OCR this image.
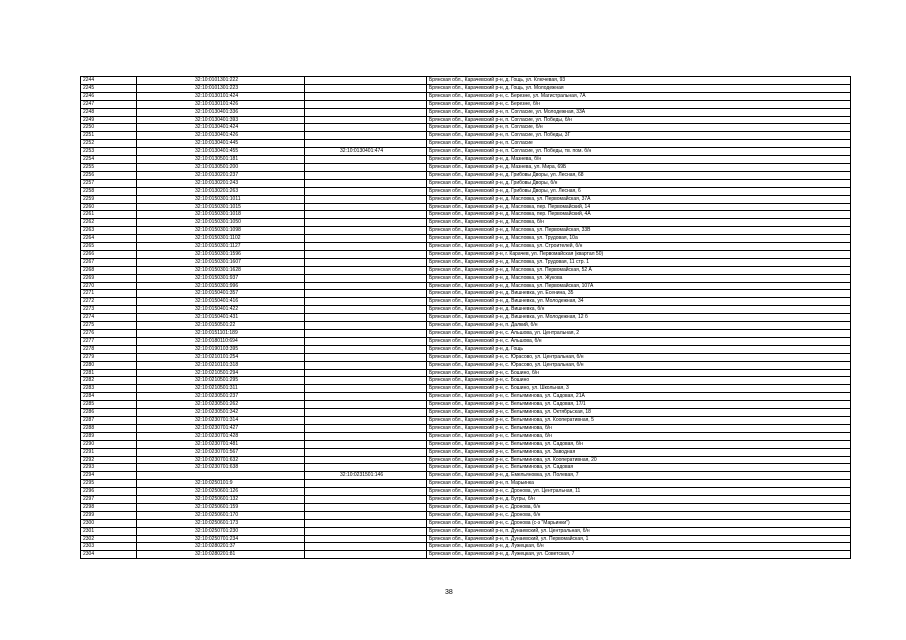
2244	32:10:0101301:222		Брянская обл., Карачевский р-н, д. Гощь, ул. Ключевая, 93
2245	32:10:0101301:223		Брянская обл., Карачевский р-н, д. Гощь, ул. Молодежная
2246	32:10:0130101:424		Брянская обл., Карачевский р-н, с. Березне, ул. Магистральная, 7А
2247	32:10:0130101:426		Брянская обл., Карачевский р-н, с. Березне, б/н
2248	32:10:0130401:336		Брянская обл., Карачевский р-н, п. Согласие, ул. Молодежная, 33А
2249	32:10:0130401:393		Брянская обл., Карачевский р-н, п. Согласие, ул. Победы, б/н
2250	32:10:0130401:424		Брянская обл., Карачевский р-н, п. Согласие, б/н
2251	32:10:0130401:426		Брянская обл., Карачевский р-н, п. Согласие, ул. Победы, 3Г
2252	32:10:0130401:445		Брянская обл., Карачевский р-н, п. Согласие
2253	32:10:0130401:455	32:10:0130401:474	Брянская обл., Карачевский р-н, п. Согласие, ул. Победы, тв. пом. б/н
2254	32:10:0130501:181		Брянская обл., Карачевский р-н, д. Мазнева, б/н
2255	32:10:0130501:200		Брянская обл., Карачевский р-н, д. Мазнева, ул. Мира, 69Б
2256	32:10:0130201:237		Брянская обл., Карачевский р-н, д. Грибовы Дворы, ул. Лесная, 68
2257	32:10:0130201:243		Брянская обл., Карачевский р-н, д. Грибовы Дворы, б/н
2258	32:10:0130201:263		Брянская обл., Карачевский р-н, д. Грибовы Дворы, ул. Лесная, 6
2259	32:10:0150301:1011		Брянская обл., Карачевский р-н, д. Масловка, ул. Первомайская, 37А
2260	32:10:0150301:1015		Брянская обл., Карачевский р-н, д. Масловка, пер. Первомайский, 14
2261	32:10:0150301:1018		Брянская обл., Карачевский р-н, д. Масловка, пер. Первомайский, 4А
2262	32:10:0150301:1050		Брянская обл., Карачевский р-н, д. Масловка, б/н
2263	32:10:0150301:1098		Брянская обл., Карачевский р-н, д. Масловка, ул. Первомайская, 33В
2264	32:10:0150301:1102		Брянская обл., Карачевский р-н, д. Масловка, ул. Трудовая, 10а
2265	32:10:0150301:1127		Брянская обл., Карачевский р-н, д. Масловка, ул. Строителей, б/н
2266	32:10:0150301:1596		Брянская обл., Карачевский р-н, г. Карачев, ул. Первомайская (квартал 50)
2267	32:10:0150301:1607		Брянская обл., Карачевский р-н, д. Масловка, ул. Трудовая, 11 стр. 1
2268	32:10:0150301:1628		Брянская обл., Карачевский р-н, д. Масловка, ул. Первомайская, 52 А
2269	32:10:0150301:937		Брянская обл., Карачевский р-н, д. Масловка, ул. Жукова
2270	32:10:0150301:996		Брянская обл., Карачевский р-н, д. Масловка, ул. Первомайская, 107А
2271	32:10:0150401:357		Брянская обл., Карачевский р-н, д. Вишневка, ул. Есенина, 35
2272	32:10:0150401:416		Брянская обл., Карачевский р-н, д. Вишневка, ул. Молодежная, 34
2273	32:10:0150401:422		Брянская обл., Карачевский р-н, д. Вишневка, б/н
2274	32:10:0150401:431		Брянская обл., Карачевский р-н, д. Вишневка, ул. Молодежная, 12 б
2275	32:10:0150501:22		Брянская обл., Карачевский р-н, п. Далкий, б/н
2276	32:10:0151101:189		Брянская обл., Карачевский р-н, с. Альшова, ул. Центральная, 2
2277	32:10:0180110:694		Брянская обл., Карачевский р-н, с. Альшова, б/н
2278	32:10:0190103:395		Брянская обл., Карачевский р-н, д. Гощь
2279	32:10:0210101:254		Брянская обл., Карачевский р-н, с. Юрасово, ул. Центральная, б/н
2280	32:10:0210101:318		Брянская обл., Карачевский р-н, с. Юрасово, ул. Центральная, б/н
2281	32:10:0210501:294		Брянская обл., Карачевский р-н, с. Бошино, б/н
2282	32:10:0210501:295		Брянская обл., Карачевский р-н, с. Бошино
2283	32:10:0210501:311		Брянская обл., Карачевский р-н, с. Бошино, ул. Школьная, 3
2284	32:10:0230501:237		Брянская обл., Карачевский р-н, с. Вельяминова, ул. Садовая, 21А
2285	32:10:0230501:262		Брянская обл., Карачевский р-н, с. Вельяминова, ул. Садовая, 17/1
2286	32:10:0230501:342		Брянская обл., Карачевский р-н, с. Вельяминова, ул. Октябрьская, 18
2287	32:10:0230701:314		Брянская обл., Карачевский р-н, с. Вельяминова, ул. Кооперативная, 5
2288	32:10:0230701:427		Брянская обл., Карачевский р-н, с. Вельяминова, б/н
2289	32:10:0230701:428		Брянская обл., Карачевский р-н, с. Вельяминова, б/н
2290	32:10:0230701:481		Брянская обл., Карачевский р-н, с. Вельяминова, ул. Садовая, б/н
2291	32:10:0230701:567		Брянская обл., Карачевский р-н, с. Вельяминова, ул. Заводная
2292	32:10:0230701:632		Брянская обл., Карачевский р-н, с. Вельяминова, ул. Кооперативная, 20
2293	32:10:0230701:638		Брянская обл., Карачевский р-н, с. Вельяминова, ул. Садовая
2294		32:10:0231501:146	Брянская обл., Карачевский р-н, д. Емельяновка, ул. Полевая, 7
2295	32:10:0250101:9		Брянская обл., Карачевский р-н, п. Марьинка
2296	32:10:0250601:126		Брянская обл., Карачевский р-н, с. Дронова, ул. Центральная, 11
2297	32:10:0250601:132		Брянская обл., Карачевский р-н, д. Бугры, б/н
2298	32:10:0250601:159		Брянская обл., Карачевский р-н, с. Дронова, б/н
2299	32:10:0250601:170		Брянская обл., Карачевский р-н, с. Дронова, б/н
2300	32:10:0250601:173		Брянская обл., Карачевский р-н, с. Дронова (с-з "Марьинки")
2301	32:10:0250701:230		Брянская обл., Карачевский р-н, п. Дунаевский, ул. Центральная, б/н
2302	32:10:0250701:234		Брянская обл., Карачевский р-н, п. Дунаевский, ул. Первомайская, 1
2303	32:10:0280201:37		Брянская обл., Карачевский р-н, д. Лужецкая, б/н
2304	32:10:0280201:81		Брянская обл., Карачевский р-н, д. Лужецкая, ул. Советская, 7
38
